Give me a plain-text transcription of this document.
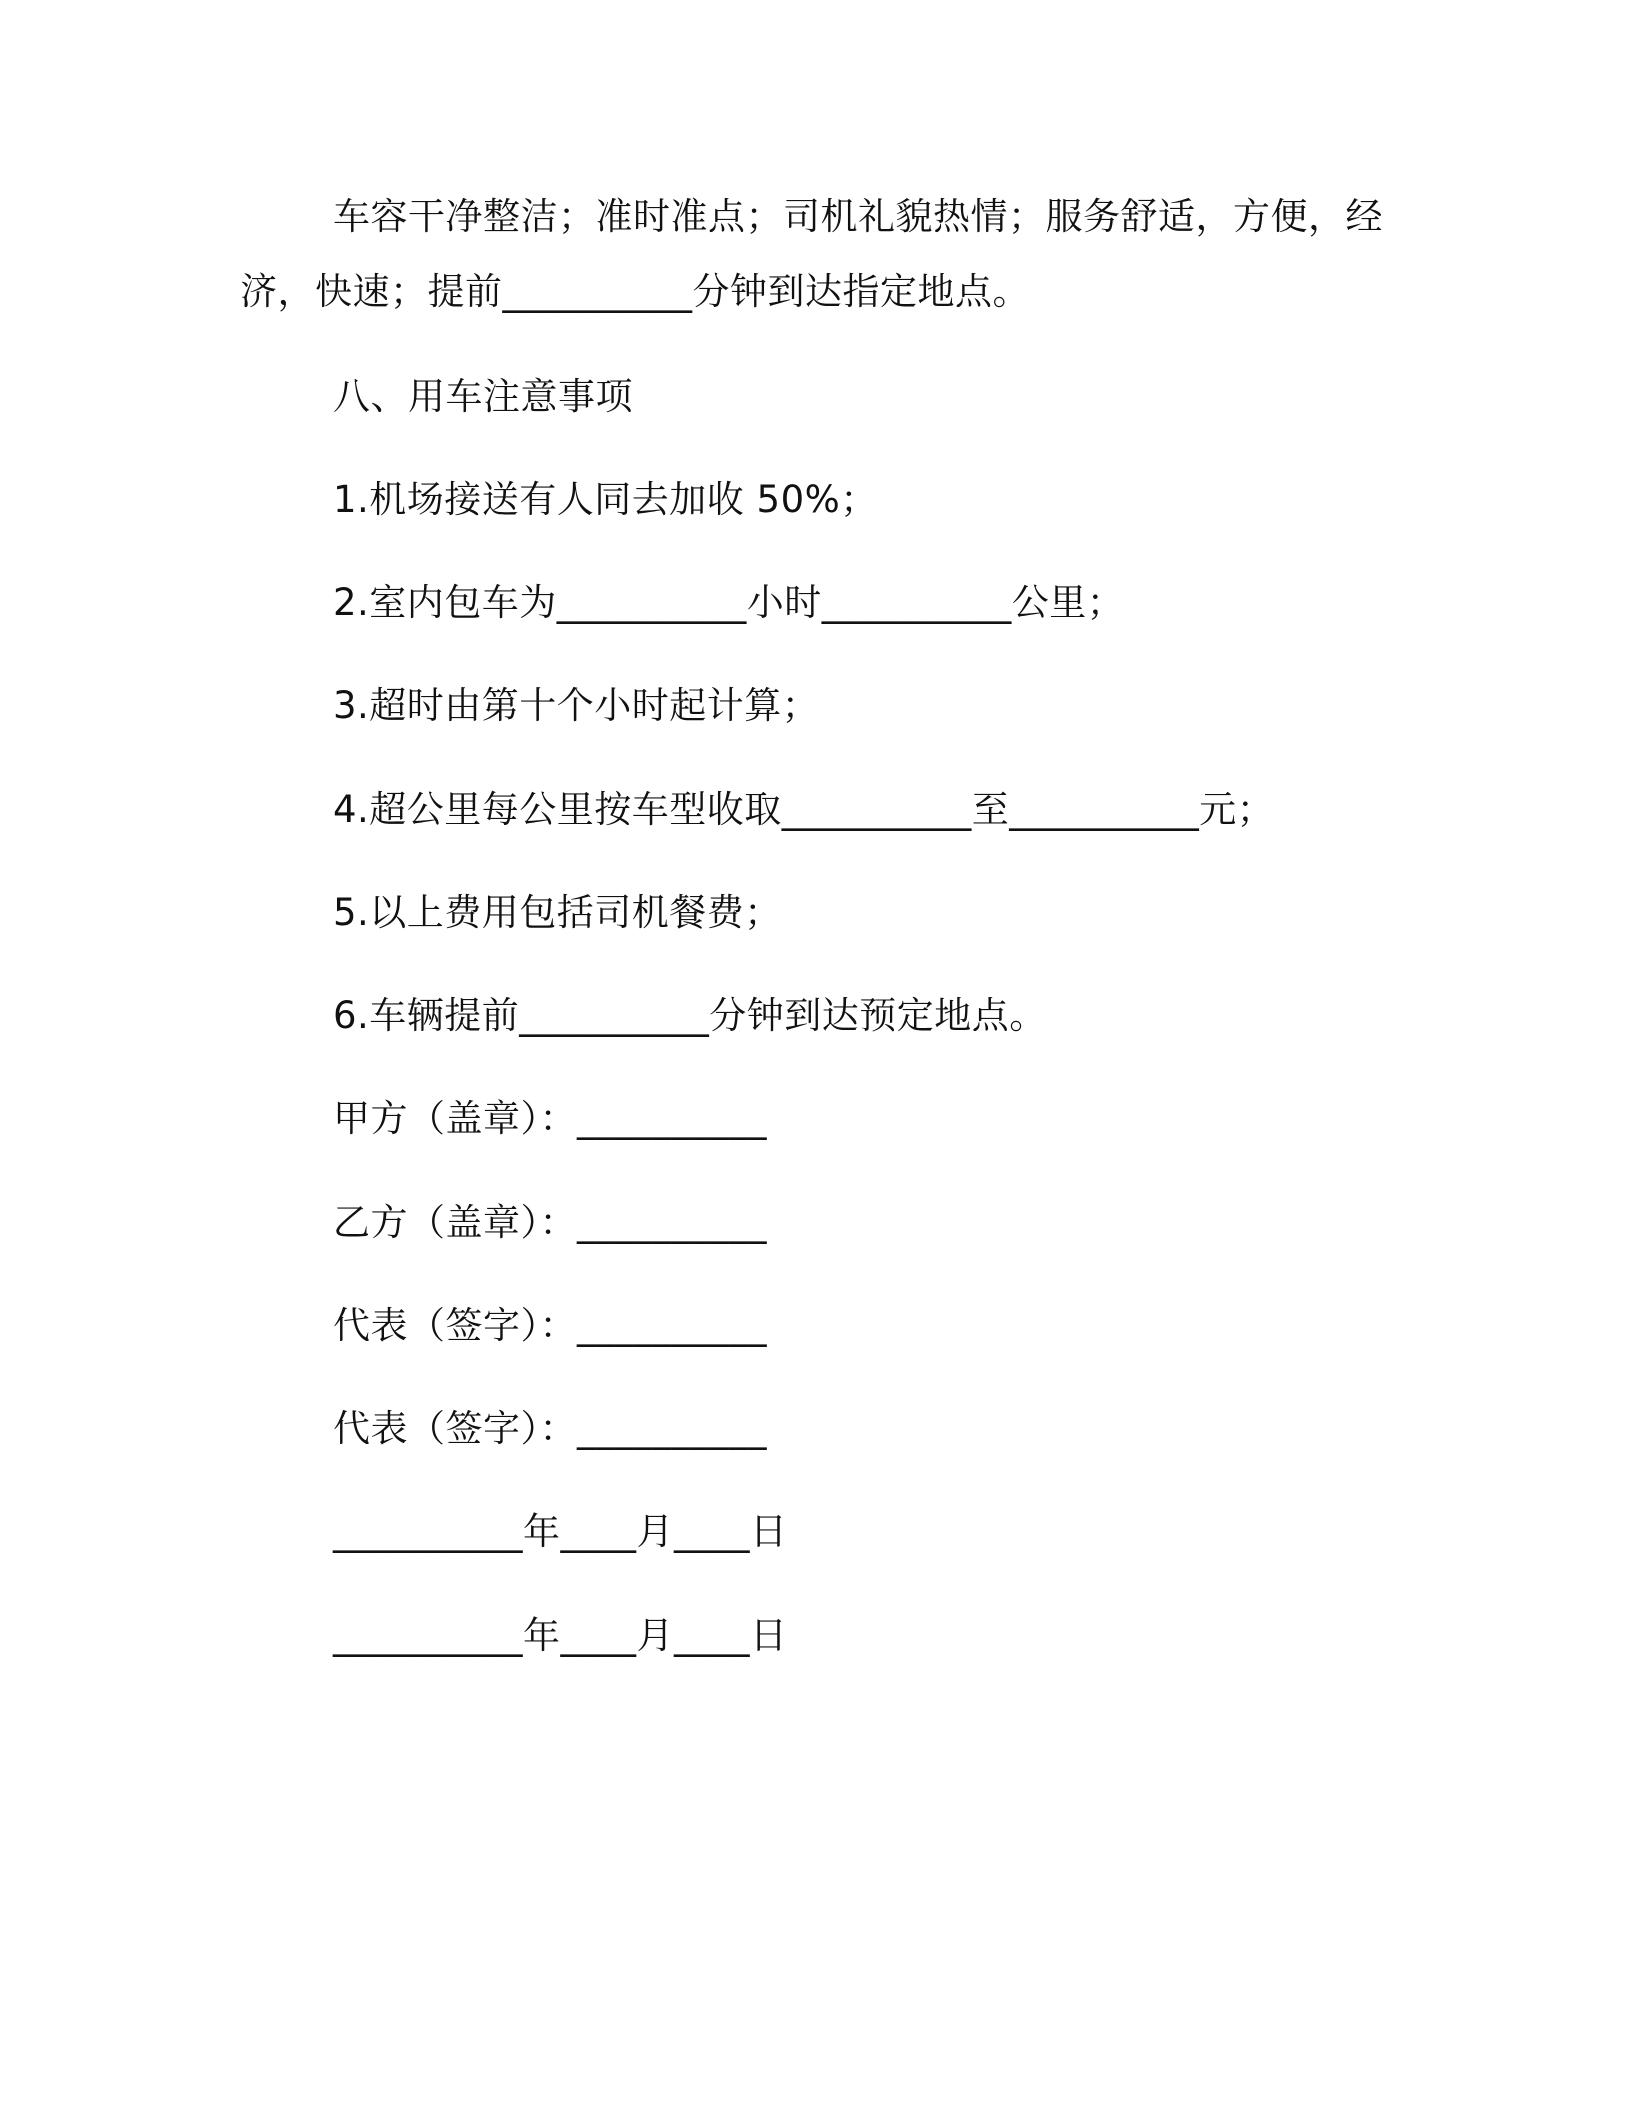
车容干净整洁；准时准点；司机礼貌热情；服务舒适，方便，经
济，快速；提前__________分钟到达指定地点。
八、用车注意事项
1.机场接送有人同去加收 50%；
2.室内包车为__________小时__________公里；
3.超时由第十个小时起计算；
4.超公里每公里按车型收取__________至__________元；
5.以上费用包括司机餐费；
6.车辆提前__________分钟到达预定地点。
甲方（盖章）：__________
乙方（盖章）：__________
代表（签字）：__________
代表（签字）：__________
__________年____月____日
__________年____月____日
